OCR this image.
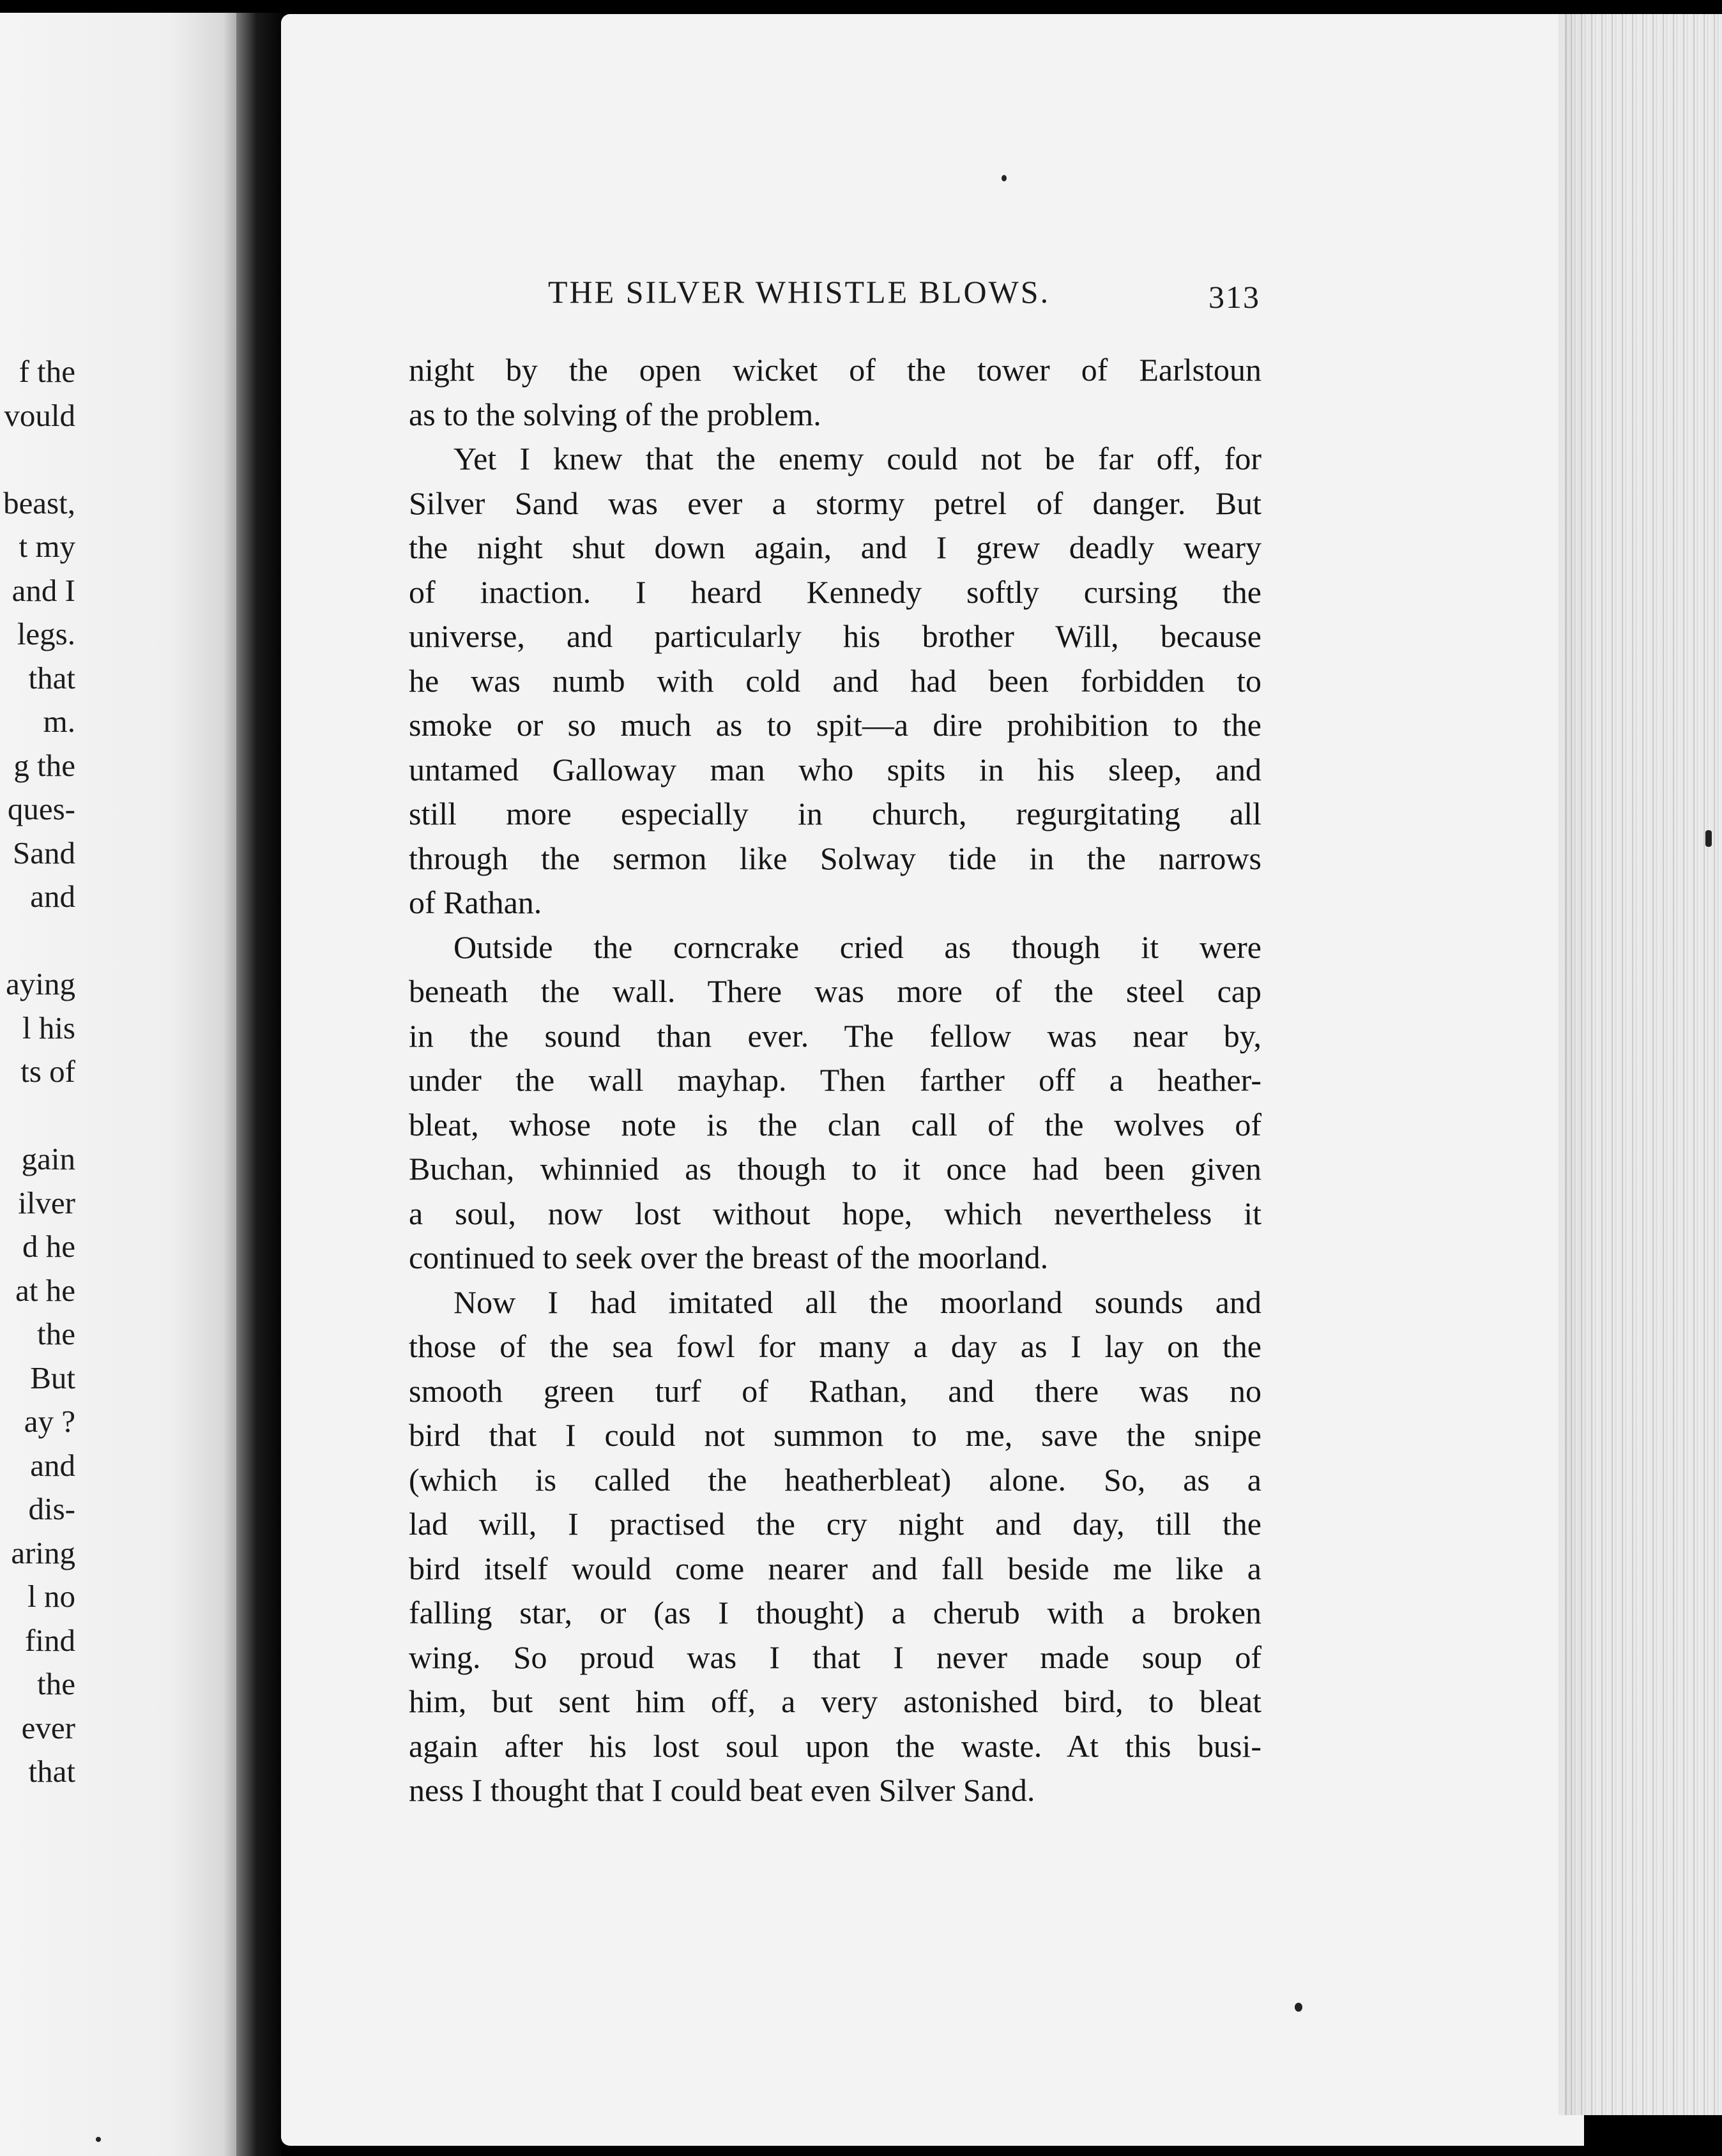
f the
vould
beast,
t my
and I
legs.
that
m.
g the
ques-
Sand
and
aying
l his
ts of
gain
ilver
d he
at he
the
But
ay ?
and
dis-
aring
l no
find
the
ever
that
THE SILVER WHISTLE BLOWS.	313
night by the open wicket of the tower of Earlstoun
as to the solving of the problem.
Yet I knew that the enemy could not be far off, for
Silver Sand was ever a stormy petrel of danger. But
the night shut down again, and I grew deadly weary
of inaction. I heard Kennedy softly cursing the
universe, and particularly his brother Will, because
he was numb with cold and had been forbidden to
smoke or so much as to spit—a dire prohibition to the
untamed Galloway man who spits in his sleep, and
still more especially in church, regurgitating all
through the sermon like Solway tide in the narrows
of Rathan.
Outside the corncrake cried as though it were
beneath the wall. There was more of the steel cap
in the sound than ever. The fellow was near by,
under the wall mayhap. Then farther off a heather-
bleat, whose note is the clan call of the wolves of
Buchan, whinnied as though to it once had been given
a soul, now lost without hope, which nevertheless it
continued to seek over the breast of the moorland.
Now I had imitated all the moorland sounds and
those of the sea fowl for many a day as I lay on the
smooth green turf of Rathan, and there was no
bird that I could not summon to me, save the snipe
(which is called the heatherbleat) alone. So, as a
lad will, I practised the cry night and day, till the
bird itself would come nearer and fall beside me like a
falling star, or (as I thought) a cherub with a broken
wing. So proud was I that I never made soup of
him, but sent him off, a very astonished bird, to bleat
again after his lost soul upon the waste. At this busi-
ness I thought that I could beat even Silver Sand.
